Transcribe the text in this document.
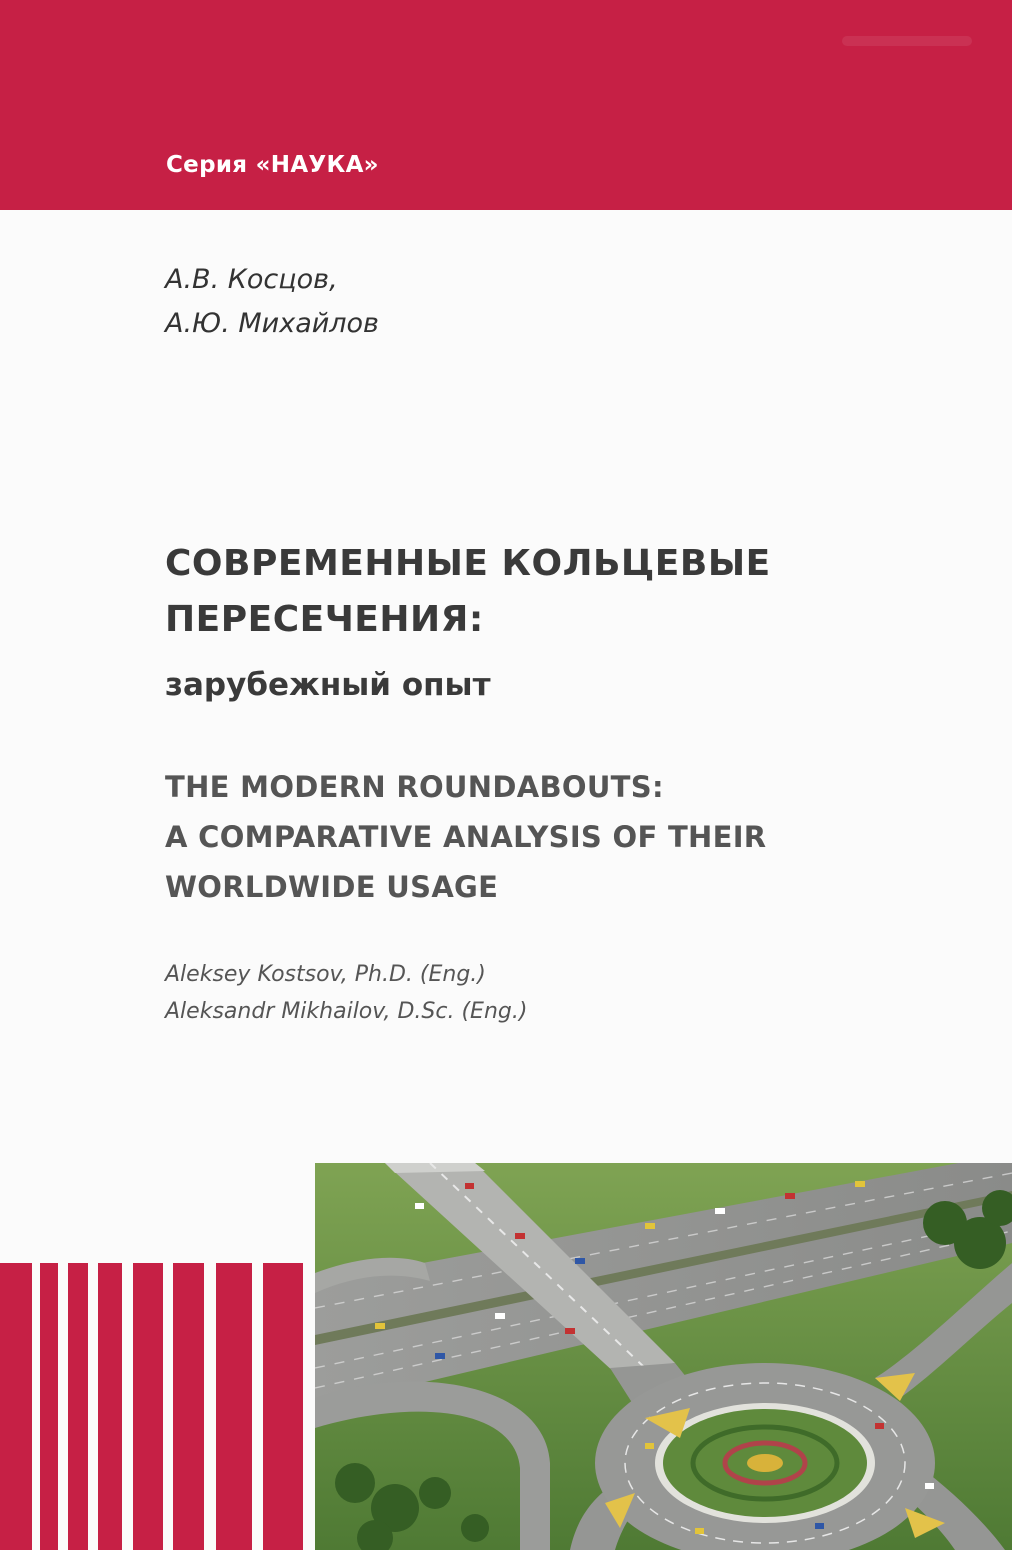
Серия «НАУКА»

А.В. Косцов,
А.Ю. Михайлов

СОВРЕМЕННЫЕ КОЛЬЦЕВЫЕ
ПЕРЕСЕЧЕНИЯ:

зарубежный опыт

THE MODERN ROUNDABOUTS:
A COMPARATIVE ANALYSIS OF THEIR
WORLDWIDE USAGE

Aleksey Kostsov, Ph.D. (Eng.)
Aleksandr Mikhailov, D.Sc. (Eng.)
